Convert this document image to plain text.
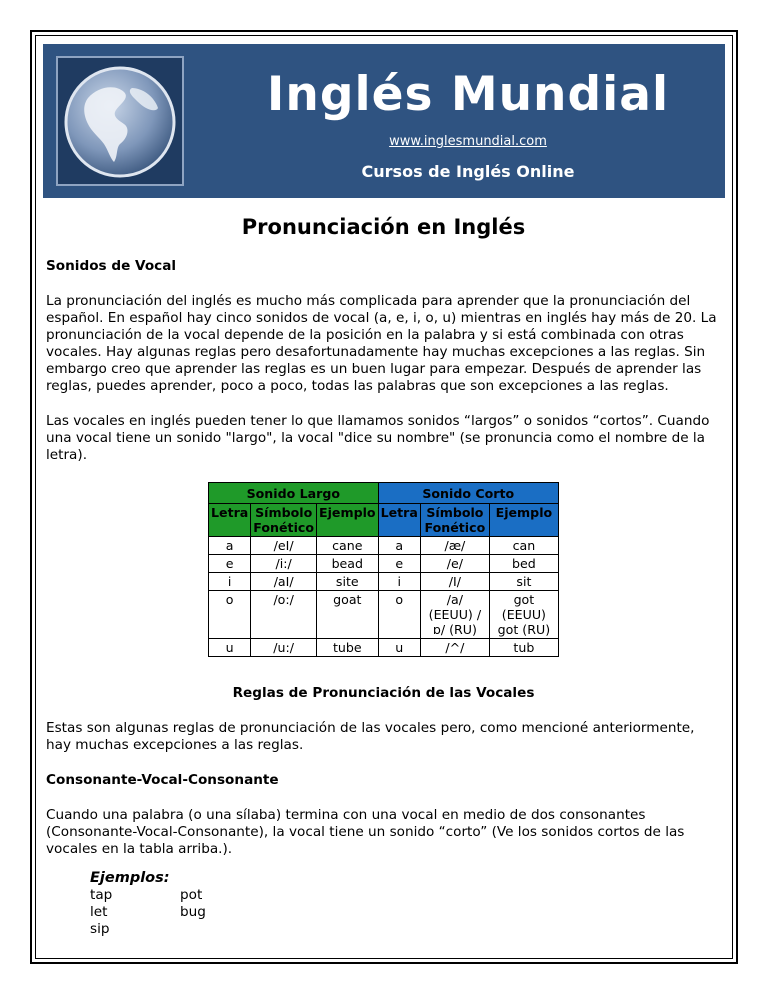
Inglés Mundial
www.inglesmundial.com
Cursos de Inglés Online
Pronunciación en Inglés
Sonidos de Vocal

La pronunciación del inglés es mucho más complicada para aprender que la pronunciación del español. En español hay cinco sonidos de vocal (a, e, i, o, u) mientras en inglés hay más de 20. La pronunciación de la vocal depende de la posición en la palabra y si está combinada con otras vocales. Hay algunas reglas pero desafortunadamente hay muchas excepciones a las reglas. Sin embargo creo que aprender las reglas es un buen lugar para empezar. Después de aprender las reglas, puedes aprender, poco a poco, todas las palabras que son excepciones a las reglas.

Las vocales en inglés pueden tener lo que llamamos sonidos “largos” o sonidos “cortos”. Cuando una vocal tiene un sonido "largo", la vocal "dice su nombre" (se pronuncia como el nombre de la letra).

Sonido Largo			Sonido Corto		
Letra	Símbolo Fonético	Ejemplo	Letra	Símbolo Fonético	Ejemplo
a	/eI/	cane	a	/æ/	can
e	/i:/	bead	e	/e/	bed
i	/aI/	site	i	/I/	sit
o	/o:/	goat	o	/a/ (EEUU) /ɒ/ (RU)	got (EEUU) got (RU)
u	/u:/	tube	u	/^/	tub
Reglas de Pronunciación de las Vocales

Estas son algunas reglas de pronunciación de las vocales pero, como mencioné anteriormente, hay muchas excepciones a las reglas.

Consonante-Vocal-Consonante

Cuando una palabra (o una sílaba) termina con una vocal en medio de dos consonantes (Consonante-Vocal-Consonante), la vocal tiene un sonido “corto” (Ve los sonidos cortos de las vocales en la tabla arriba.).

Ejemplos:
tap	pot
let	bug
sip
